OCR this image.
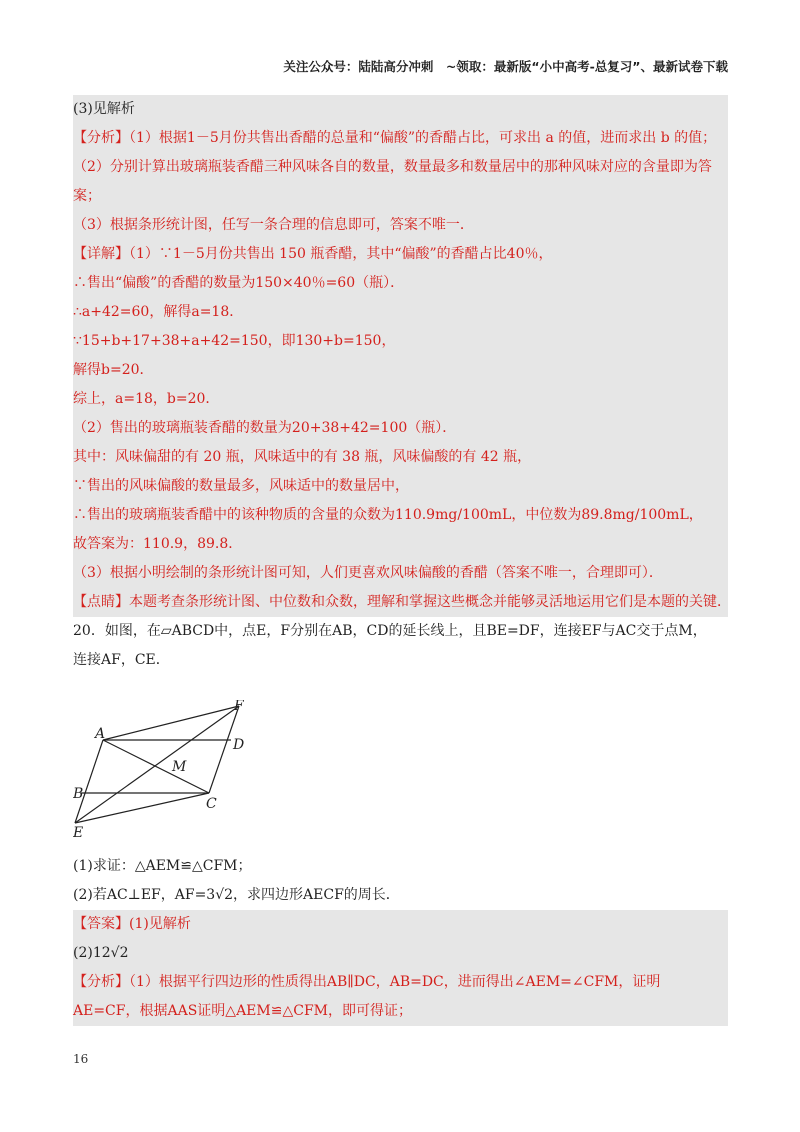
关注公众号：陆陆高分冲刺　~领取：最新版“小中高考-总复习”、最新试卷下载
(3)见解析
【分析】（1）根据1－5月份共售出香醋的总量和“偏酸”的香醋占比，可求出 a 的值，进而求出 b 的值；
（2）分别计算出玻璃瓶装香醋三种风味各自的数量，数量最多和数量居中的那种风味对应的含量即为答
案；
（3）根据条形统计图，任写一条合理的信息即可，答案不唯一．
【详解】（1）∵1－5月份共售出 150 瓶香醋，其中“偏酸”的香醋占比40％，
∴售出“偏酸”的香醋的数量为150×40％=60（瓶）．
∴a+42=60，解得a=18．
∵15+b+17+38+a+42=150，即130+b=150，
解得b=20．
综上，a=18，b=20．
（2）售出的玻璃瓶装香醋的数量为20+38+42=100（瓶）．
其中：风味偏甜的有 20 瓶，风味适中的有 38 瓶，风味偏酸的有 42 瓶，
∵售出的风味偏酸的数量最多，风味适中的数量居中，
∴售出的玻璃瓶装香醋中的该种物质的含量的众数为110.9mg/100mL，中位数为89.8mg/100mL，
故答案为：110.9，89.8．
（3）根据小明绘制的条形统计图可知，人们更喜欢风味偏酸的香醋（答案不唯一，合理即可）．
【点睛】本题考查条形统计图、中位数和众数，理解和掌握这些概念并能够灵活地运用它们是本题的关键．
20．如图，在▱ABCD中，点E，F分别在AB，CD的延长线上，且BE=DF，连接EF与AC交于点M，
连接AF，CE．
A
D
B
C
E
F
M
(1)求证：△AEM≌△CFM；
(2)若AC⊥EF，AF=3√2，求四边形AECF的周长．
【答案】(1)见解析
(2)12√2
【分析】（1）根据平行四边形的性质得出AB∥DC，AB=DC，进而得出∠AEM=∠CFM，证明
AE=CF，根据AAS证明△AEM≌△CFM，即可得证；
16
